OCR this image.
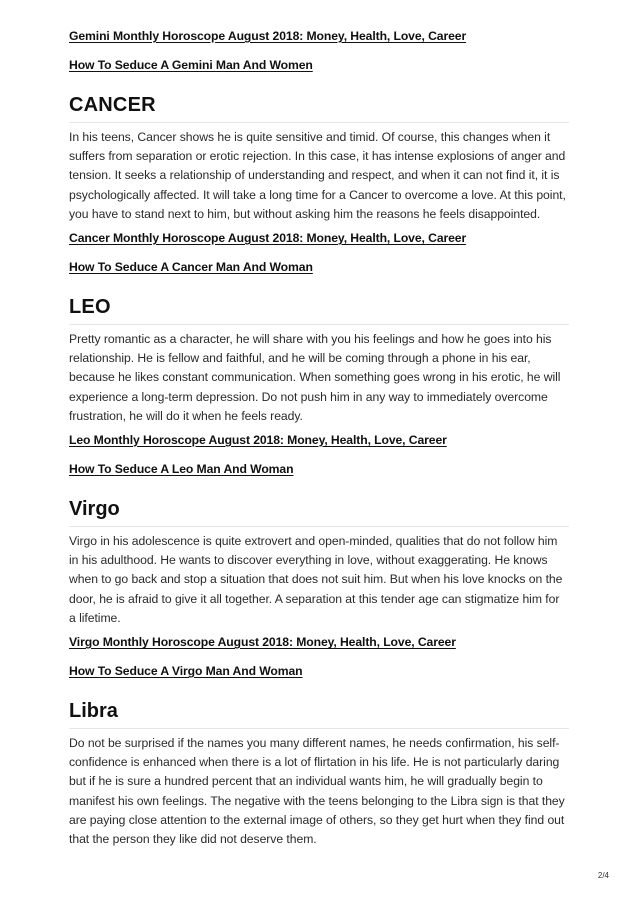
Gemini Monthly Horoscope August 2018: Money, Health, Love, Career
How To Seduce A Gemini Man And Women
CANCER

In his teens, Cancer shows he is quite sensitive and timid. Of course, this changes when it suffers from separation or erotic rejection. In this case, it has intense explosions of anger and tension. It seeks a relationship of understanding and respect, and when it can not find it, it is psychologically affected. It will take a long time for a Cancer to overcome a love. At this point, you have to stand next to him, but without asking him the reasons he feels disappointed.

Cancer Monthly Horoscope August 2018: Money, Health, Love, Career
How To Seduce A Cancer Man And Woman
LEO

Pretty romantic as a character, he will share with you his feelings and how he goes into his relationship. He is fellow and faithful, and he will be coming through a phone in his ear, because he likes constant communication. When something goes wrong in his erotic, he will experience a long-term depression. Do not push him in any way to immediately overcome frustration, he will do it when he feels ready.

Leo Monthly Horoscope August 2018: Money, Health, Love, Career
How To Seduce A Leo Man And Woman
Virgo

Virgo in his adolescence is quite extrovert and open-minded, qualities that do not follow him in his adulthood. He wants to discover everything in love, without exaggerating. He knows when to go back and stop a situation that does not suit him. But when his love knocks on the door, he is afraid to give it all together. A separation at this tender age can stigmatize him for a lifetime.

Virgo Monthly Horoscope August 2018: Money, Health, Love, Career
How To Seduce A Virgo Man And Woman
Libra

Do not be surprised if the names you many different names, he needs confirmation, his self-confidence is enhanced when there is a lot of flirtation in his life. He is not particularly daring but if he is sure a hundred percent that an individual wants him, he will gradually begin to manifest his own feelings. The negative with the teens belonging to the Libra sign is that they are paying close attention to the external image of others, so they get hurt when they find out that the person they like did not deserve them.

2/4
